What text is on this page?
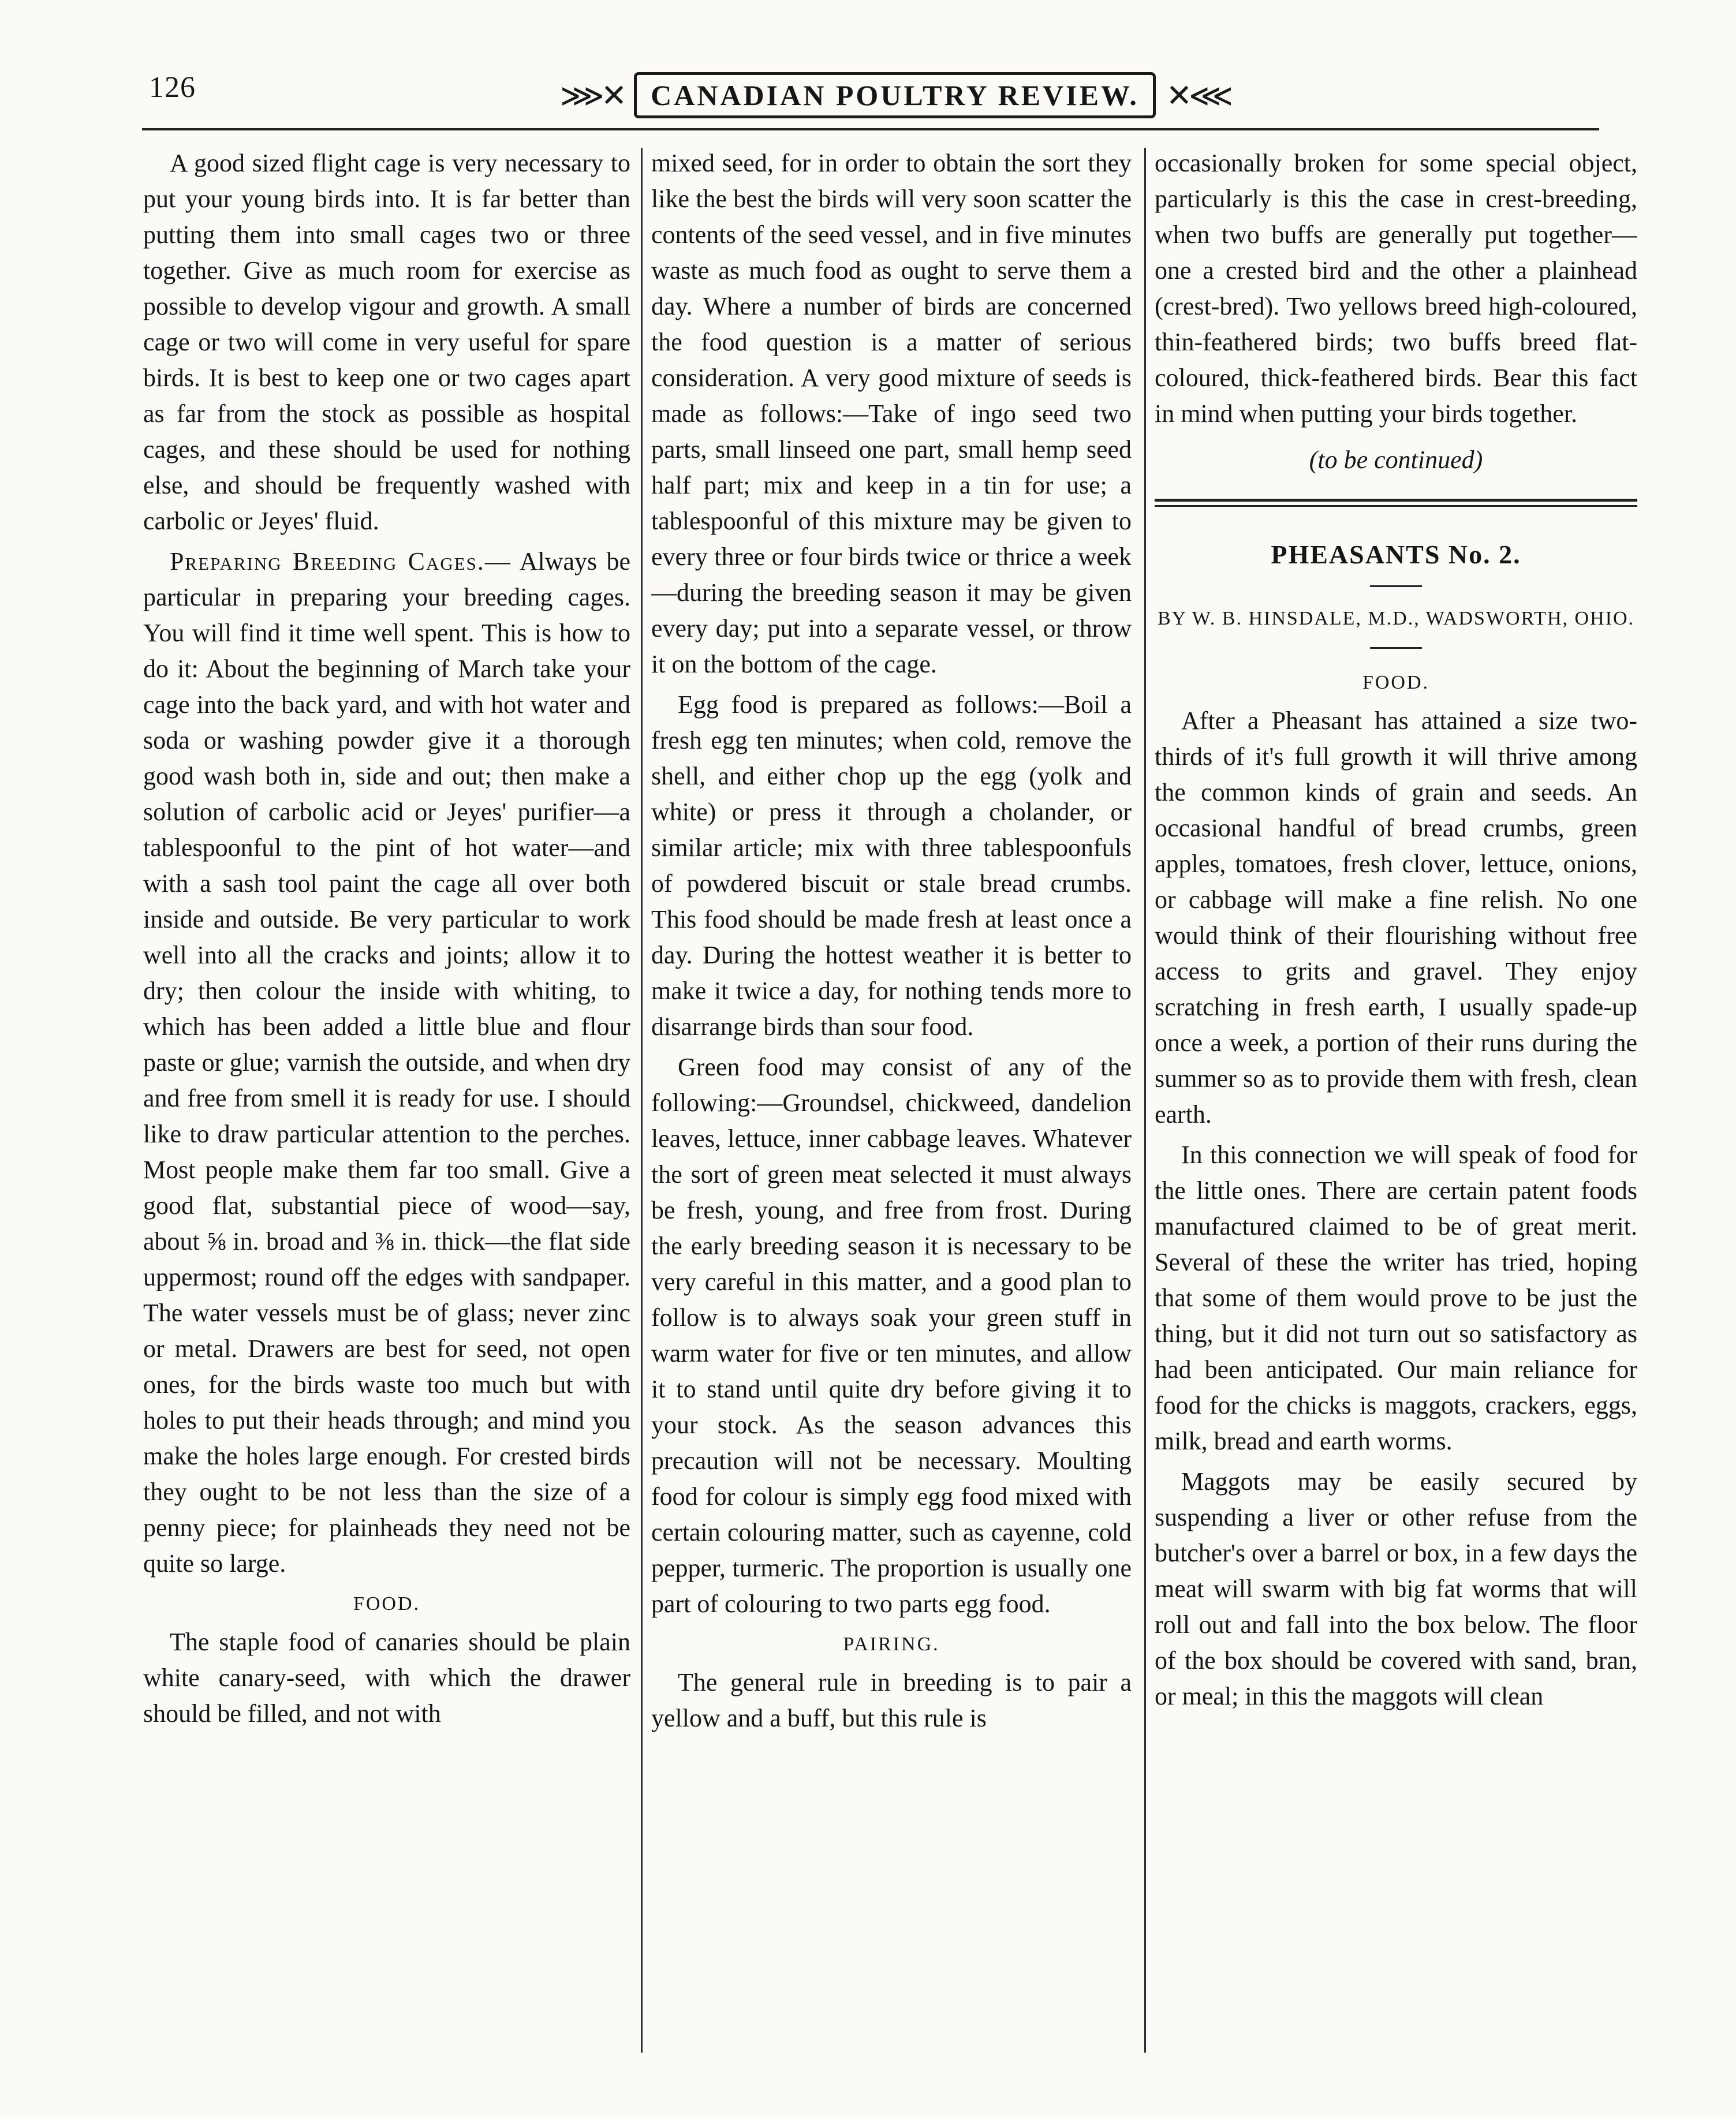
126	⋙✕ CANADIAN POULTRY REVIEW. ✕⋘

A good sized flight cage is very necessary to put your young birds into. It is far better than putting them into small cages two or three together. Give as much room for exercise as possible to develop vigour and growth. A small cage or two will come in very useful for spare birds. It is best to keep one or two cages apart as far from the stock as possible as hospital cages, and these should be used for nothing else, and should be frequently washed with carbolic or Jeyes' fluid.

Preparing Breeding Cages.— Always be particular in preparing your breeding cages. You will find it time well spent. This is how to do it: About the beginning of March take your cage into the back yard, and with hot water and soda or washing powder give it a thorough good wash both in, side and out; then make a solution of carbolic acid or Jeyes' purifier—a tablespoonful to the pint of hot water—and with a sash tool paint the cage all over both inside and outside. Be very particular to work well into all the cracks and joints; allow it to dry; then colour the inside with whiting, to which has been added a little blue and flour paste or glue; varnish the outside, and when dry and free from smell it is ready for use. I should like to draw particular attention to the perches. Most people make them far too small. Give a good flat, substantial piece of wood—say, about ⅝ in. broad and ⅜ in. thick—the flat side uppermost; round off the edges with sandpaper. The water vessels must be of glass; never zinc or metal. Drawers are best for seed, not open ones, for the birds waste too much but with holes to put their heads through; and mind you make the holes large enough. For crested birds they ought to be not less than the size of a penny piece; for plainheads they need not be quite so large.

FOOD.

The staple food of canaries should be plain white canary-seed, with which the drawer should be filled, and not with

mixed seed, for in order to obtain the sort they like the best the birds will very soon scatter the contents of the seed vessel, and in five minutes waste as much food as ought to serve them a day. Where a number of birds are concerned the food question is a matter of serious consideration. A very good mixture of seeds is made as follows:—Take of ingo seed two parts, small linseed one part, small hemp seed half part; mix and keep in a tin for use; a tablespoonful of this mixture may be given to every three or four birds twice or thrice a week—during the breeding season it may be given every day; put into a separate vessel, or throw it on the bottom of the cage.

Egg food is prepared as follows:—Boil a fresh egg ten minutes; when cold, remove the shell, and either chop up the egg (yolk and white) or press it through a cholander, or similar article; mix with three tablespoonfuls of powdered biscuit or stale bread crumbs. This food should be made fresh at least once a day. During the hottest weather it is better to make it twice a day, for nothing tends more to disarrange birds than sour food.

Green food may consist of any of the following:—Groundsel, chickweed, dandelion leaves, lettuce, inner cabbage leaves. Whatever the sort of green meat selected it must always be fresh, young, and free from frost. During the early breeding season it is necessary to be very careful in this matter, and a good plan to follow is to always soak your green stuff in warm water for five or ten minutes, and allow it to stand until quite dry before giving it to your stock. As the season advances this precaution will not be necessary. Moulting food for colour is simply egg food mixed with certain colouring matter, such as cayenne, cold pepper, turmeric. The proportion is usually one part of colouring to two parts egg food.

PAIRING.

The general rule in breeding is to pair a yellow and a buff, but this rule is

occasionally broken for some special object, particularly is this the case in crest-breeding, when two buffs are generally put together—one a crested bird and the other a plainhead (crest-bred). Two yellows breed high-coloured, thin-feathered birds; two buffs breed flat-coloured, thick-feathered birds. Bear this fact in mind when putting your birds together.

(to be continued)
PHEASANTS No. 2.
BY W. B. HINSDALE, M.D., WADSWORTH, OHIO.
FOOD.

After a Pheasant has attained a size two-thirds of it's full growth it will thrive among the common kinds of grain and seeds. An occasional handful of bread crumbs, green apples, tomatoes, fresh clover, lettuce, onions, or cabbage will make a fine relish. No one would think of their flourishing without free access to grits and gravel. They enjoy scratching in fresh earth, I usually spade-up once a week, a portion of their runs during the summer so as to provide them with fresh, clean earth.

In this connection we will speak of food for the little ones. There are certain patent foods manufactured claimed to be of great merit. Several of these the writer has tried, hoping that some of them would prove to be just the thing, but it did not turn out so satisfactory as had been anticipated. Our main reliance for food for the chicks is maggots, crackers, eggs, milk, bread and earth worms.

Maggots may be easily secured by suspending a liver or other refuse from the butcher's over a barrel or box, in a few days the meat will swarm with big fat worms that will roll out and fall into the box below. The floor of the box should be covered with sand, bran, or meal; in this the maggots will clean
